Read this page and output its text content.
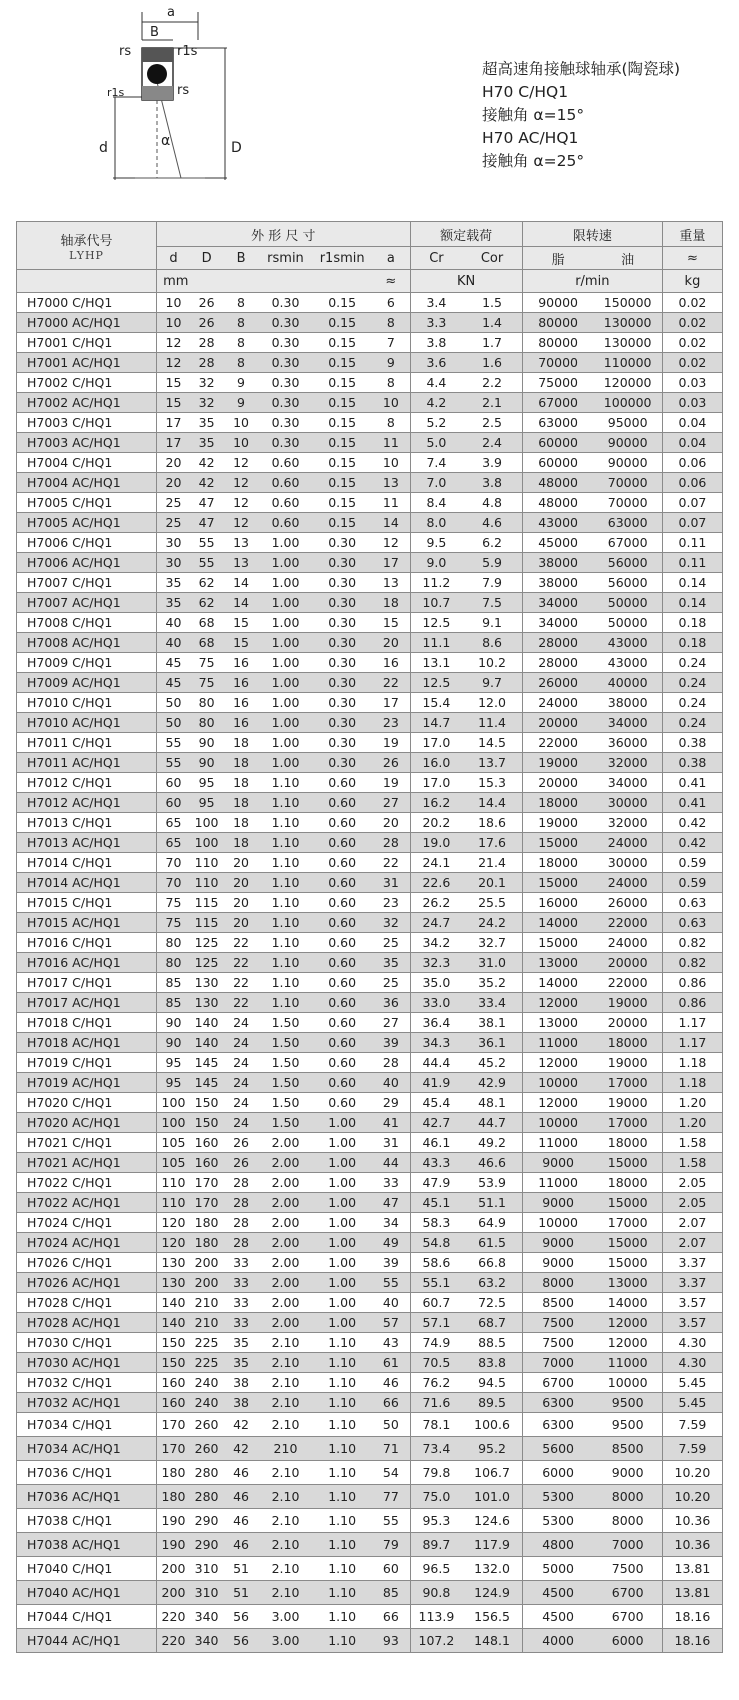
a
B
rs	r1s
r1s	rs
d	α	D
超高速角接触球轴承(陶瓷球)
H70 C/HQ1
接触角 α=15°
H70 AC/HQ1
接触角 α=25°
轴承代号
LYHP	外 形 尺 寸						额定载荷		限转速		重量
	d	D	B	rsmin	r1smin	a	Cr	Cor	脂	油	≈
	mm					≈	KN		r/min		kg
H7000 C/HQ1	10	26	8	0.30	0.15	6	3.4	1.5	90000	150000	0.02
H7000 AC/HQ1	10	26	8	0.30	0.15	8	3.3	1.4	80000	130000	0.02
H7001 C/HQ1	12	28	8	0.30	0.15	7	3.8	1.7	80000	130000	0.02
H7001 AC/HQ1	12	28	8	0.30	0.15	9	3.6	1.6	70000	110000	0.02
H7002 C/HQ1	15	32	9	0.30	0.15	8	4.4	2.2	75000	120000	0.03
H7002 AC/HQ1	15	32	9	0.30	0.15	10	4.2	2.1	67000	100000	0.03
H7003 C/HQ1	17	35	10	0.30	0.15	8	5.2	2.5	63000	95000	0.04
H7003 AC/HQ1	17	35	10	0.30	0.15	11	5.0	2.4	60000	90000	0.04
H7004 C/HQ1	20	42	12	0.60	0.15	10	7.4	3.9	60000	90000	0.06
H7004 AC/HQ1	20	42	12	0.60	0.15	13	7.0	3.8	48000	70000	0.06
H7005 C/HQ1	25	47	12	0.60	0.15	11	8.4	4.8	48000	70000	0.07
H7005 AC/HQ1	25	47	12	0.60	0.15	14	8.0	4.6	43000	63000	0.07
H7006 C/HQ1	30	55	13	1.00	0.30	12	9.5	6.2	45000	67000	0.11
H7006 AC/HQ1	30	55	13	1.00	0.30	17	9.0	5.9	38000	56000	0.11
H7007 C/HQ1	35	62	14	1.00	0.30	13	11.2	7.9	38000	56000	0.14
H7007 AC/HQ1	35	62	14	1.00	0.30	18	10.7	7.5	34000	50000	0.14
H7008 C/HQ1	40	68	15	1.00	0.30	15	12.5	9.1	34000	50000	0.18
H7008 AC/HQ1	40	68	15	1.00	0.30	20	11.1	8.6	28000	43000	0.18
H7009 C/HQ1	45	75	16	1.00	0.30	16	13.1	10.2	28000	43000	0.24
H7009 AC/HQ1	45	75	16	1.00	0.30	22	12.5	9.7	26000	40000	0.24
H7010 C/HQ1	50	80	16	1.00	0.30	17	15.4	12.0	24000	38000	0.24
H7010 AC/HQ1	50	80	16	1.00	0.30	23	14.7	11.4	20000	34000	0.24
H7011 C/HQ1	55	90	18	1.00	0.30	19	17.0	14.5	22000	36000	0.38
H7011 AC/HQ1	55	90	18	1.00	0.30	26	16.0	13.7	19000	32000	0.38
H7012 C/HQ1	60	95	18	1.10	0.60	19	17.0	15.3	20000	34000	0.41
H7012 AC/HQ1	60	95	18	1.10	0.60	27	16.2	14.4	18000	30000	0.41
H7013 C/HQ1	65	100	18	1.10	0.60	20	20.2	18.6	19000	32000	0.42
H7013 AC/HQ1	65	100	18	1.10	0.60	28	19.0	17.6	15000	24000	0.42
H7014 C/HQ1	70	110	20	1.10	0.60	22	24.1	21.4	18000	30000	0.59
H7014 AC/HQ1	70	110	20	1.10	0.60	31	22.6	20.1	15000	24000	0.59
H7015 C/HQ1	75	115	20	1.10	0.60	23	26.2	25.5	16000	26000	0.63
H7015 AC/HQ1	75	115	20	1.10	0.60	32	24.7	24.2	14000	22000	0.63
H7016 C/HQ1	80	125	22	1.10	0.60	25	34.2	32.7	15000	24000	0.82
H7016 AC/HQ1	80	125	22	1.10	0.60	35	32.3	31.0	13000	20000	0.82
H7017 C/HQ1	85	130	22	1.10	0.60	25	35.0	35.2	14000	22000	0.86
H7017 AC/HQ1	85	130	22	1.10	0.60	36	33.0	33.4	12000	19000	0.86
H7018 C/HQ1	90	140	24	1.50	0.60	27	36.4	38.1	13000	20000	1.17
H7018 AC/HQ1	90	140	24	1.50	0.60	39	34.3	36.1	11000	18000	1.17
H7019 C/HQ1	95	145	24	1.50	0.60	28	44.4	45.2	12000	19000	1.18
H7019 AC/HQ1	95	145	24	1.50	0.60	40	41.9	42.9	10000	17000	1.18
H7020 C/HQ1	100	150	24	1.50	0.60	29	45.4	48.1	12000	19000	1.20
H7020 AC/HQ1	100	150	24	1.50	1.00	41	42.7	44.7	10000	17000	1.20
H7021 C/HQ1	105	160	26	2.00	1.00	31	46.1	49.2	11000	18000	1.58
H7021 AC/HQ1	105	160	26	2.00	1.00	44	43.3	46.6	9000	15000	1.58
H7022 C/HQ1	110	170	28	2.00	1.00	33	47.9	53.9	11000	18000	2.05
H7022 AC/HQ1	110	170	28	2.00	1.00	47	45.1	51.1	9000	15000	2.05
H7024 C/HQ1	120	180	28	2.00	1.00	34	58.3	64.9	10000	17000	2.07
H7024 AC/HQ1	120	180	28	2.00	1.00	49	54.8	61.5	9000	15000	2.07
H7026 C/HQ1	130	200	33	2.00	1.00	39	58.6	66.8	9000	15000	3.37
H7026 AC/HQ1	130	200	33	2.00	1.00	55	55.1	63.2	8000	13000	3.37
H7028 C/HQ1	140	210	33	2.00	1.00	40	60.7	72.5	8500	14000	3.57
H7028 AC/HQ1	140	210	33	2.00	1.00	57	57.1	68.7	7500	12000	3.57
H7030 C/HQ1	150	225	35	2.10	1.10	43	74.9	88.5	7500	12000	4.30
H7030 AC/HQ1	150	225	35	2.10	1.10	61	70.5	83.8	7000	11000	4.30
H7032 C/HQ1	160	240	38	2.10	1.10	46	76.2	94.5	6700	10000	5.45
H7032 AC/HQ1	160	240	38	2.10	1.10	66	71.6	89.5	6300	9500	5.45
H7034 C/HQ1	170	260	42	2.10	1.10	50	78.1	100.6	6300	9500	7.59
H7034 AC/HQ1	170	260	42	210	1.10	71	73.4	95.2	5600	8500	7.59
H7036 C/HQ1	180	280	46	2.10	1.10	54	79.8	106.7	6000	9000	10.20
H7036 AC/HQ1	180	280	46	2.10	1.10	77	75.0	101.0	5300	8000	10.20
H7038 C/HQ1	190	290	46	2.10	1.10	55	95.3	124.6	5300	8000	10.36
H7038 AC/HQ1	190	290	46	2.10	1.10	79	89.7	117.9	4800	7000	10.36
H7040 C/HQ1	200	310	51	2.10	1.10	60	96.5	132.0	5000	7500	13.81
H7040 AC/HQ1	200	310	51	2.10	1.10	85	90.8	124.9	4500	6700	13.81
H7044 C/HQ1	220	340	56	3.00	1.10	66	113.9	156.5	4500	6700	18.16
H7044 AC/HQ1	220	340	56	3.00	1.10	93	107.2	148.1	4000	6000	18.16
